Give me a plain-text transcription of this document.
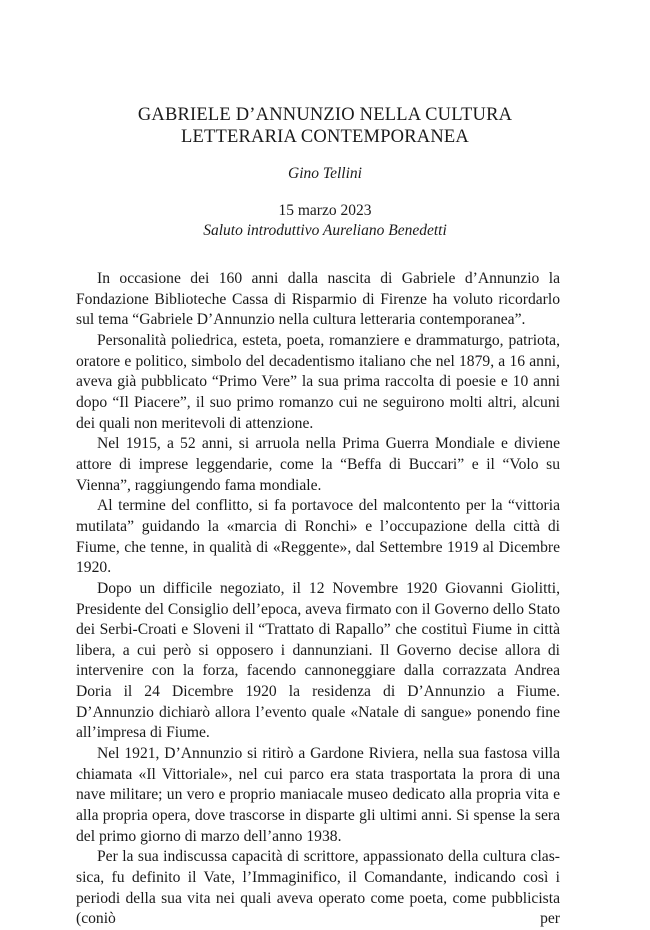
GABRIELE D’ANNUNZIO NELLA CULTURA
LETTERARIA CONTEMPORANEA
Gino Tellini
15 marzo 2023
Saluto introduttivo Aureliano Benedetti

In occasione dei 160 anni dalla nascita di Gabriele d’Annunzio la Fondazione Biblioteche Cassa di Risparmio di Firenze ha voluto ricordarlo sul tema “Gabriele D’Annunzio nella cultura letteraria contemporanea”.

Personalità poliedrica, esteta, poeta, romanziere e drammaturgo, patriota, oratore e politico, simbolo del decadentismo italiano che nel 1879, a 16 anni, aveva già pubblicato “Primo Vere” la sua prima raccolta di poesie e 10 anni dopo “Il Piacere”, il suo primo romanzo cui ne seguirono molti altri, alcuni dei quali non meritevoli di attenzione.

Nel 1915, a 52 anni, si arruola nella Prima Guerra Mondiale e diviene attore di imprese leggendarie, come la “Beffa di Buccari” e il “Volo su Vienna”, raggiungendo fama mondiale.

Al termine del conflitto, si fa portavoce del malcontento per la “vittoria mutilata” guidando la «marcia di Ronchi» e l’occupazione della città di Fiume, che tenne, in qualità di «Reggente», dal Settembre 1919 al Dicembre 1920.

Dopo un difficile negoziato, il 12 Novembre 1920 Giovanni Giolitti, Presidente del Consiglio dell’epoca, aveva firmato con il Governo dello Stato dei Serbi-Croati e Sloveni il “Trattato di Rapallo” che costituì Fiume in città libera, a cui però si opposero i dannunziani. Il Governo decise allora di intervenire con la forza, facendo cannoneggiare dalla corrazzata Andrea Doria il 24 Dicembre 1920 la residenza di D’Annunzio a Fiume. D’Annunzio dichiarò allora l’evento quale «Natale di sangue» ponendo fine all’impresa di Fiume.

Nel 1921, D’Annunzio si ritirò a Gardone Riviera, nella sua fastosa villa chiamata «Il Vittoriale», nel cui parco era stata trasportata la prora di una nave militare; un vero e proprio maniacale museo dedicato alla propria vita e alla propria opera, dove trascorse in disparte gli ultimi anni. Si spense la sera del primo giorno di marzo dell’anno 1938.

Per la sua indiscussa capacità di scrittore, appassionato della cultura classica, fu definito il Vate, l’Immaginifico, il Comandante, indicando così i periodi della sua vita nei quali aveva operato come poeta, come pubblicista (coniò per
